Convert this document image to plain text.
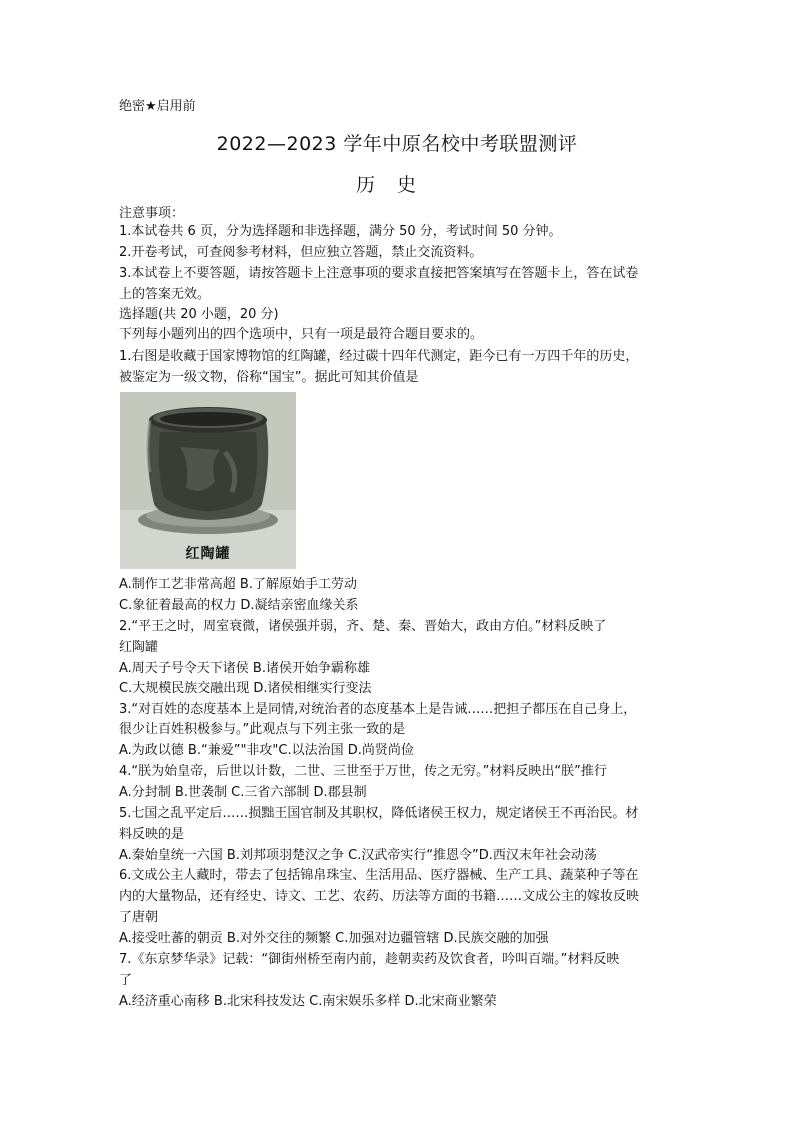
绝密★启用前
2022—2023 学年中原名校中考联盟测评
历史
注意事项：
1.本试卷共 6 页，分为选择题和非选择题，满分 50 分，考试时间 50 分钟。
2.开卷考试，可查阅参考材料，但应独立答题，禁止交流资料。
3.本试卷上不要答题，请按答题卡上注意事项的要求直接把答案填写在答题卡上，答在试卷
上的答案无效。
选择题(共 20 小题，20 分)
下列每小题列出的四个选项中，只有一项是最符合题目要求的。
1.右图是收藏于国家博物馆的红陶罐，经过碳十四年代测定，距今已有一万四千年的历史，
被鉴定为一级文物，俗称“国宝”。据此可知其价值是
红陶罐
A.制作工艺非常高超 B.了解原始手工劳动
C.象征着最高的权力 D.凝结亲密血缘关系
2.“平王之时，周室衰微，诸侯强并弱，齐、楚、秦、晋始大，政由方伯。”材料反映了
红陶罐
A.周天子号令天下诸侯 B.诸侯开始争霸称雄
C.大规模民族交融出现 D.诸侯相继实行变法
3.“对百姓的态度基本上是同情,对统治者的态度基本上是告诫……把担子都压在自己身上，
很少让百姓积极参与。”此观点与下列主张一致的是
A.为政以德 B.“兼爱”"非攻"C.以法治国 D.尚贤尚俭
4.“朕为始皇帝，后世以计数，二世、三世至于万世，传之无穷。”材料反映出“朕”推行
A.分封制 B.世袭制 C.三省六部制 D.郡县制
5.七国之乱平定后……损黜王国官制及其职权，降低诸侯王权力，规定诸侯王不再治民。材
料反映的是
A.秦始皇统一六国 B.刘邦项羽楚汉之争 C.汉武帝实行“推恩令”D.西汉末年社会动荡
6.文成公主人藏时，带去了包括锦帛珠宝、生活用品、医疗器械、生产工具、蔬菜种子等在
内的大量物品，还有经史、诗文、工艺、农药、历法等方面的书籍……文成公主的嫁妆反映
了唐朝
A.接受吐蕃的朝贡 B.对外交往的频繁 C.加强对边疆管辖 D.民族交融的加强
7.《东京梦华录》记载：“御街州桥至南内前，趁朝卖药及饮食者，吟叫百端。”材料反映
了
A.经济重心南移 B.北宋科技发达 C.南宋娱乐多样 D.北宋商业繁荣
